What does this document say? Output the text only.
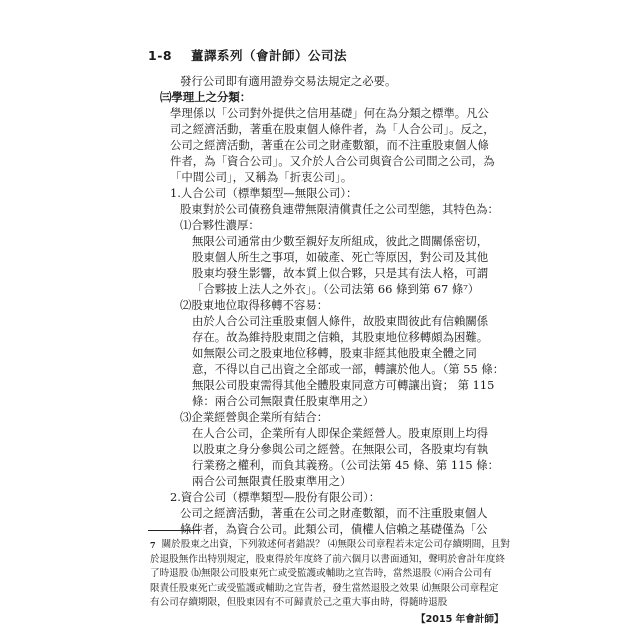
1-8 薑譯系列（會計師）公司法
發行公司即有適用證券交易法規定之必要。
㈢學理上之分類：
學理係以「公司對外提供之信用基礎」何在為分類之標準。凡公
司之經濟活動，著重在股東個人條件者，為「人合公司」。反之，
公司之經濟活動，著重在公司之財產數額，而不注重股東個人條
件者，為「資合公司」。又介於人合公司與資合公司間之公司，為
「中間公司」，又稱為「折衷公司」。
1.人合公司（標準類型—無限公司）：
股東對於公司債務負連帶無限清償責任之公司型態，其特色為：
⑴合夥性濃厚：
無限公司通常由少數至親好友所組成，彼此之間關係密切，
股東個人所生之事項，如破產、死亡等原因，對公司及其他
股東均發生影響，故本質上似合夥，只是其有法人格，可謂
「合夥披上法人之外衣」。（公司法第 66 條到第 67 條⁷）
⑵股東地位取得移轉不容易：
由於人合公司注重股東個人條件，故股東間彼此有信賴關係
存在。故為維持股東間之信賴，其股東地位移轉頗為困難。
如無限公司之股東地位移轉，股東非經其他股東全體之同
意，不得以自己出資之全部或一部，轉讓於他人。（第 55 條：
無限公司股東需得其他全體股東同意方可轉讓出資； 第 115
條：兩合公司無限責任股東準用之）
⑶企業經營與企業所有結合：
在人合公司，企業所有人即保企業經營人。股東原則上均得
以股東之身分參與公司之經營。在無限公司，各股東均有執
行業務之權利，而負其義務。（公司法第 45 條、第 115 條：
兩合公司無限責任股東準用之）
2.資合公司（標準類型—股份有限公司）：
公司之經濟活動，著重在公司之財產數額，而不注重股東個人
條件者，為資合公司。此類公司，債權人信賴之基礎僅為「公
$^7$ 關於股東之出資，下列敘述何者錯誤？ ⑷無限公司章程若未定公司存續期間，且對
於退股無作出特別規定，股東得於年度終了前六個月以書面通知，聲明於會計年度終
了時退股 ⒝無限公司股東死亡或受監護或輔助之宣告時，當然退股 ⒞兩合公司有
限責任股東死亡或受監護或輔助之宣告者，發生當然退股之效果 ⒟無限公司章程定
有公司存續期限，但股東因有不可歸責於己之重大事由時，得隨時退股
【2015 年會計師】
